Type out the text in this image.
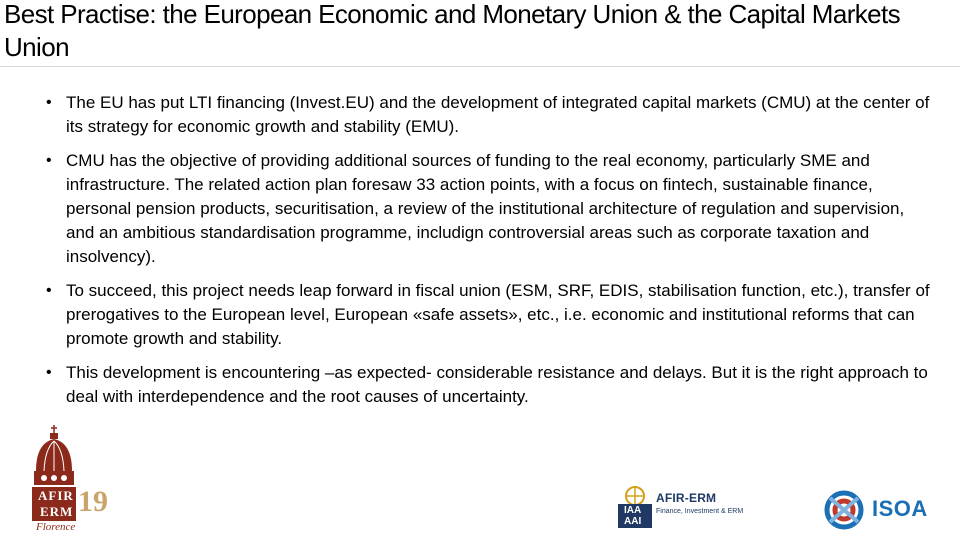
Best Practise: the European Economic and Monetary Union & the Capital Markets Union
• The EU has put LTI financing (Invest.EU) and the development of integrated capital markets (CMU) at the center of its strategy for economic growth and stability (EMU).
• CMU has the objective of providing additional sources of funding to the real economy, particularly SME and infrastructure. The related action plan foresaw 33 action points, with a focus on fintech, sustainable finance, personal pension products, securitisation, a review of the institutional architecture of regulation and supervision, and an ambitious standardisation programme, includign controversial areas such as corporate taxation and insolvency).
• To succeed, this project needs leap forward in fiscal union (ESM, SRF, EDIS, stabilisation function, etc.), transfer of prerogatives to the European level, European «safe assets», etc., i.e. economic and institutional reforms that can promote growth and stability.
• This development is encountering –as expected- considerable resistance and delays. But it is the right approach to deal with interdependence and the root causes of uncertainty.
AFIR
ERM 19
Florence
IAA
AAI
AFIR-ERM
Finance, Investment & ERM	ISOA
